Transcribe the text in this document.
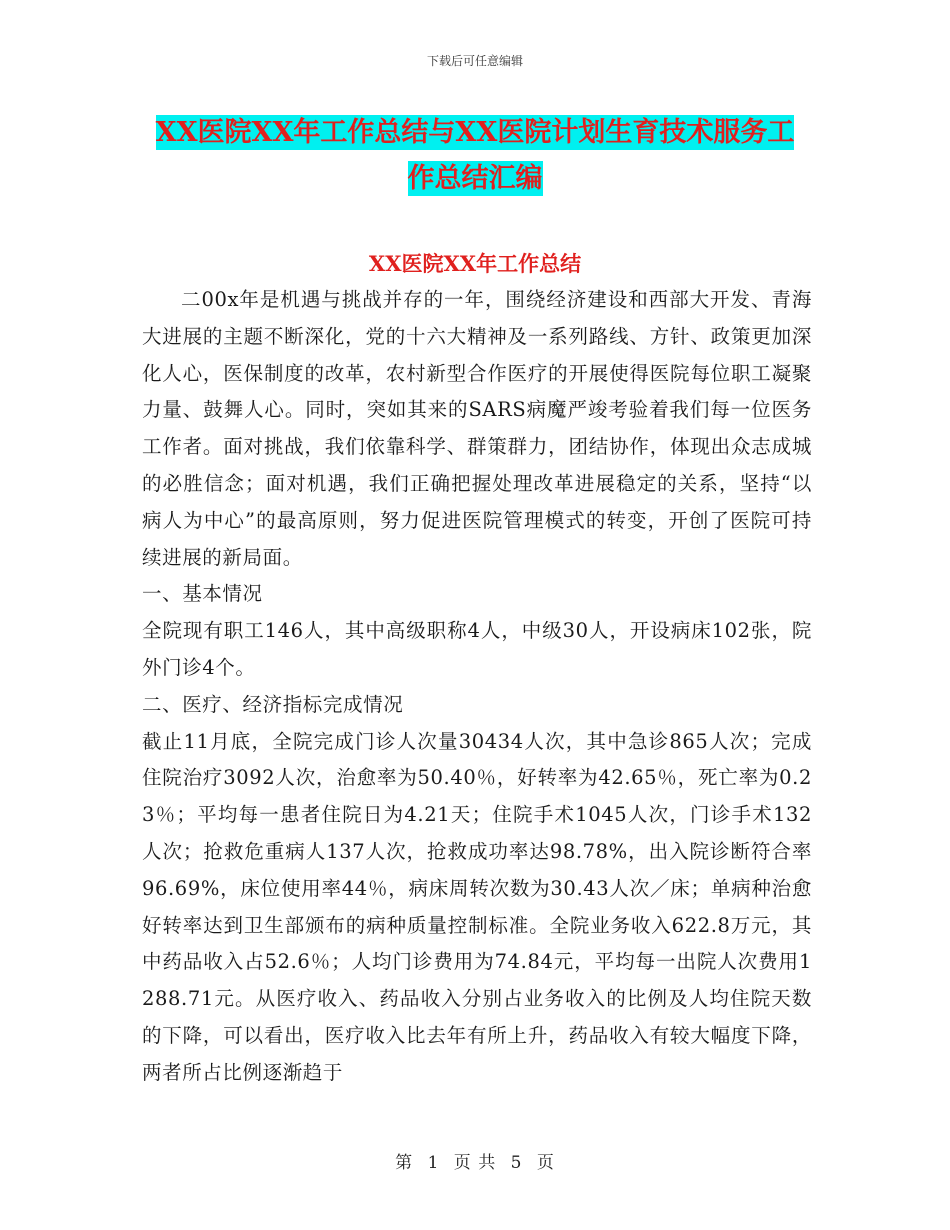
下载后可任意编辑
XX医院XX年工作总结与XX医院计划生育技术服务工
作总结汇编
XX医院XX年工作总结

二00x年是机遇与挑战并存的一年，围绕经济建设和西部大开发、青海大进展的主题不断深化，党的十六大精神及一系列路线、方针、政策更加深化人心，医保制度的改革，农村新型合作医疗的开展使得医院每位职工凝聚力量、鼓舞人心。同时，突如其来的SARS病魔严竣考验着我们每一位医务工作者。面对挑战，我们依靠科学、群策群力，团结协作，体现出众志成城的必胜信念；面对机遇，我们正确把握处理改革进展稳定的关系，坚持“以病人为中心”的最高原则，努力促进医院管理模式的转变，开创了医院可持续进展的新局面。

一、基本情况

全院现有职工146人，其中高级职称4人，中级30人，开设病床102张，院外门诊4个。

二、医疗、经济指标完成情况

截止11月底，全院完成门诊人次量30434人次，其中急诊865人次；完成住院治疗3092人次，治愈率为50.40％，好转率为42.65％，死亡率为0.23％；平均每一患者住院日为4.21天；住院手术1045人次，门诊手术132人次；抢救危重病人137人次，抢救成功率达98.78%，出入院诊断符合率96.69%，床位使用率44％，病床周转次数为30.43人次／床；单病种治愈好转率达到卫生部颁布的病种质量控制标准。全院业务收入622.8万元，其中药品收入占52.6％；人均门诊费用为74.84元，平均每一出院人次费用1288.71元。从医疗收入、药品收入分别占业务收入的比例及人均住院天数的下降，可以看出，医疗收入比去年有所上升，药品收入有较大幅度下降，两者所占比例逐渐趋于

第 1 页 共 5 页
